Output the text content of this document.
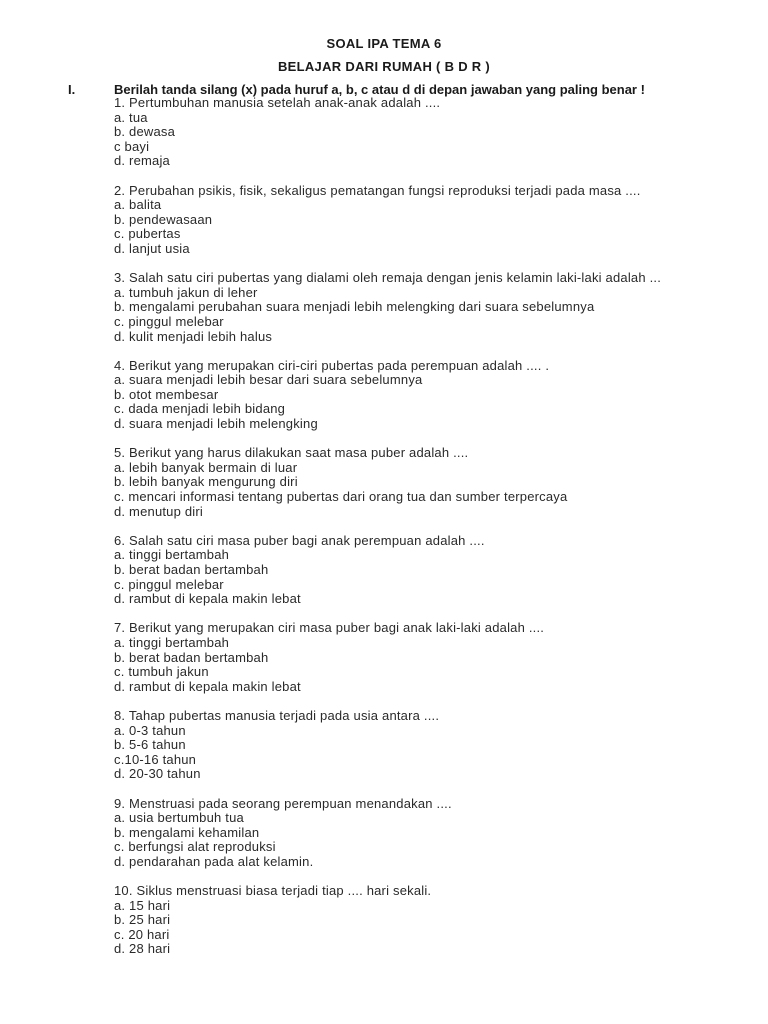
SOAL IPA TEMA 6
BELAJAR DARI RUMAH ( B D R )
I.	Berilah tanda silang (x) pada huruf a, b, c atau d di depan jawaban yang paling benar !
1. Pertumbuhan manusia setelah anak-anak adalah ....
a. tua
b. dewasa
c bayi
d. remaja
2. Perubahan psikis, fisik, sekaligus pematangan fungsi reproduksi terjadi pada masa ....
a. balita
b. pendewasaan
c. pubertas
d. lanjut usia
3. Salah satu ciri pubertas yang dialami oleh remaja dengan jenis kelamin laki-laki adalah ...
a. tumbuh jakun di leher
b. mengalami perubahan suara menjadi lebih melengking dari suara sebelumnya
c. pinggul melebar
d. kulit menjadi lebih halus
4. Berikut yang merupakan ciri-ciri pubertas pada perempuan adalah .... .
a. suara menjadi lebih besar dari suara sebelumnya
b. otot membesar
c. dada menjadi lebih bidang
d. suara menjadi lebih melengking
5. Berikut yang harus dilakukan saat masa puber adalah ....
a. lebih banyak bermain di luar
b. lebih banyak mengurung diri
c. mencari informasi tentang pubertas dari orang tua dan sumber terpercaya
d. menutup diri
6. Salah satu ciri masa puber bagi anak perempuan adalah ....
a. tinggi bertambah
b. berat badan bertambah
c. pinggul melebar
d. rambut di kepala makin lebat
7. Berikut yang merupakan ciri masa puber bagi anak laki-laki adalah ....
a. tinggi bertambah
b. berat badan bertambah
c. tumbuh jakun
d. rambut di kepala makin lebat
8. Tahap pubertas manusia terjadi pada usia antara ....
a. 0-3 tahun
b. 5-6 tahun
c.10-16 tahun
d. 20-30 tahun
9. Menstruasi pada seorang perempuan menandakan ....
a. usia bertumbuh tua
b. mengalami kehamilan
c. berfungsi alat reproduksi
d. pendarahan pada alat kelamin.
10. Siklus menstruasi biasa terjadi tiap .... hari sekali.
a. 15 hari
b. 25 hari
c. 20 hari
d. 28 hari
